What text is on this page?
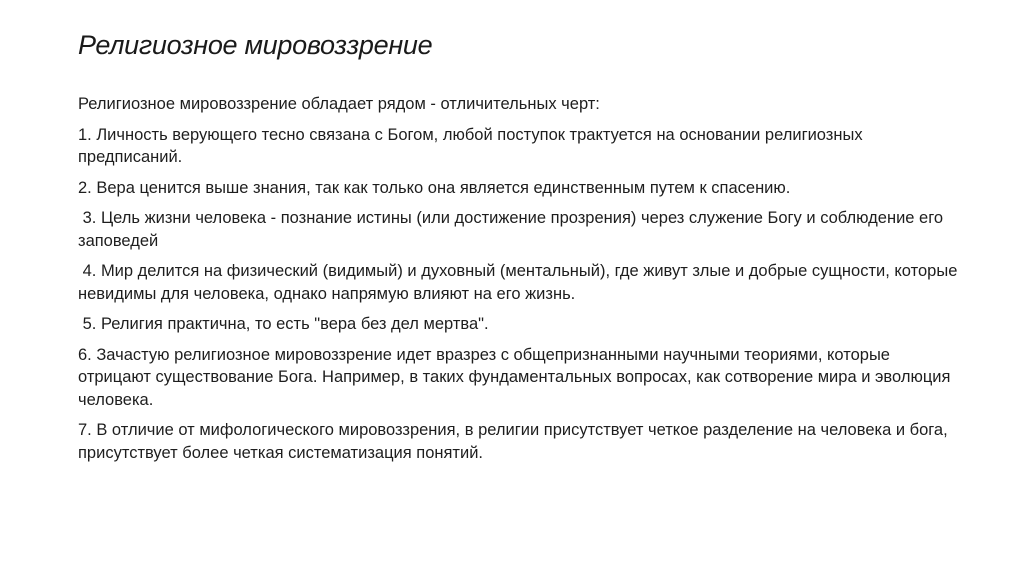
Религиозное мировоззрение

Религиозное мировоззрение обладает рядом - отличительных черт:

1. Личность верующего тесно связана с Богом, любой поступок трактуется на основании религиозных предписаний.

2. Вера ценится выше знания, так как только она является единственным путем к спасению.

3. Цель жизни человека - познание истины (или достижение прозрения) через служение Богу и соблюдение его заповедей

4. Мир делится на физический (видимый) и духовный (ментальный), где живут злые и добрые сущности, которые невидимы для человека, однако напрямую влияют на его жизнь.

5. Религия практична, то есть "вера без дел мертва".

6. Зачастую религиозное мировоззрение идет вразрез с общепризнанными научными теориями, которые отрицают существование Бога. Например, в таких фундаментальных вопросах, как сотворение мира и эволюция человека.

7. В отличие от мифологического мировоззрения, в религии присутствует четкое разделение на человека и бога, присутствует более четкая систематизация понятий.
